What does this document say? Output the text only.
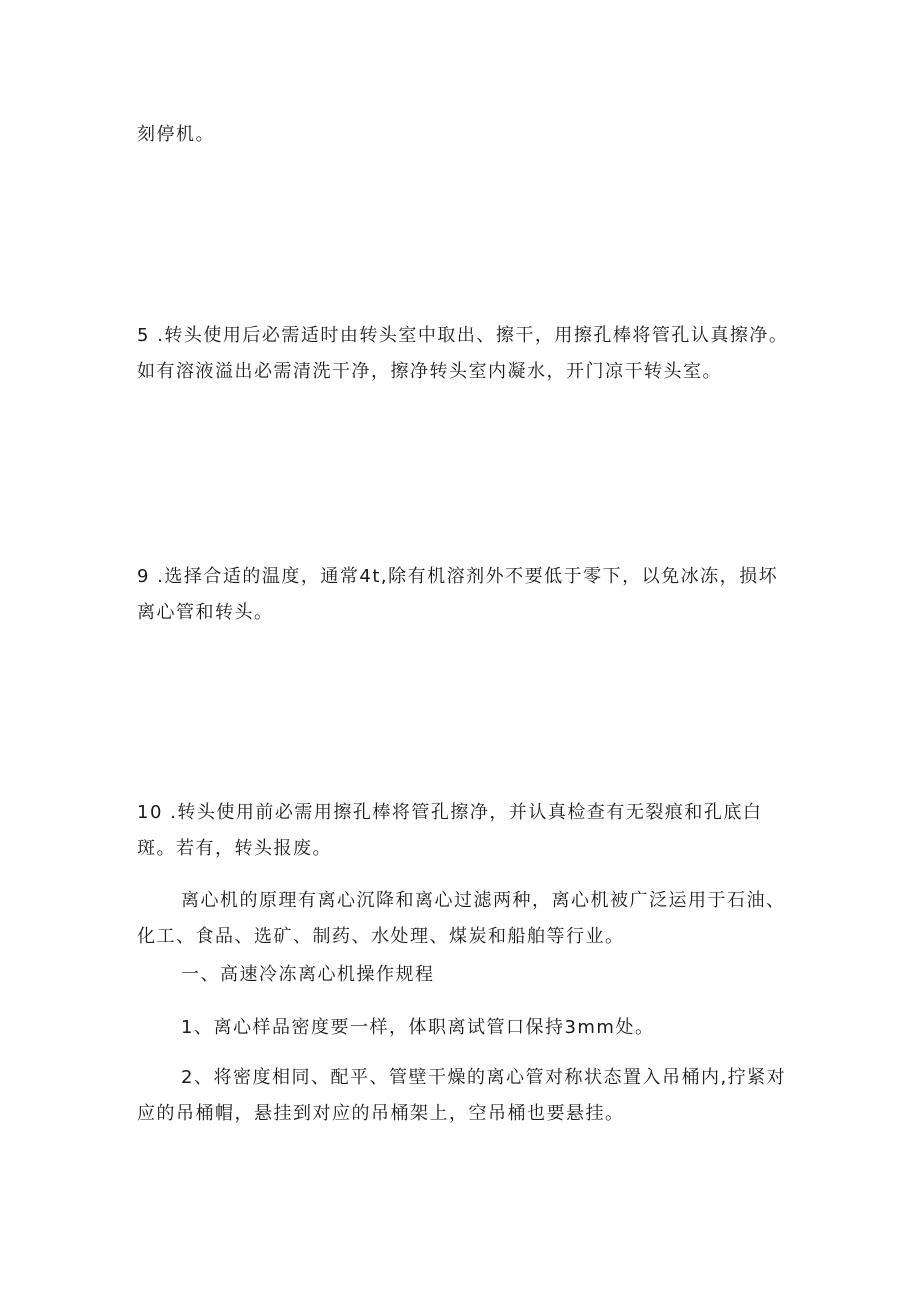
刻停机。

5 .转头使用后必需适时由转头室中取出、擦干，用擦孔棒将管孔认真擦净。如有溶液溢出必需清洗干净，擦净转头室内凝水，开门凉干转头室。

9 .选择合适的温度，通常4t,除有机溶剂外不要低于零下，以免冰冻，损坏离心管和转头。

10 .转头使用前必需用擦孔棒将管孔擦净，并认真检查有无裂痕和孔底白斑。若有，转头报废。

离心机的原理有离心沉降和离心过滤两种，离心机被广泛运用于石油、化工、食品、选矿、制药、水处理、煤炭和船舶等行业。

一、高速冷冻离心机操作规程

1、离心样品密度要一样，体职离试管口保持3mm处。

2、将密度相同、配平、管壁干燥的离心管对称状态置入吊桶内,拧紧对应的吊桶帽，悬挂到对应的吊桶架上，空吊桶也要悬挂。
